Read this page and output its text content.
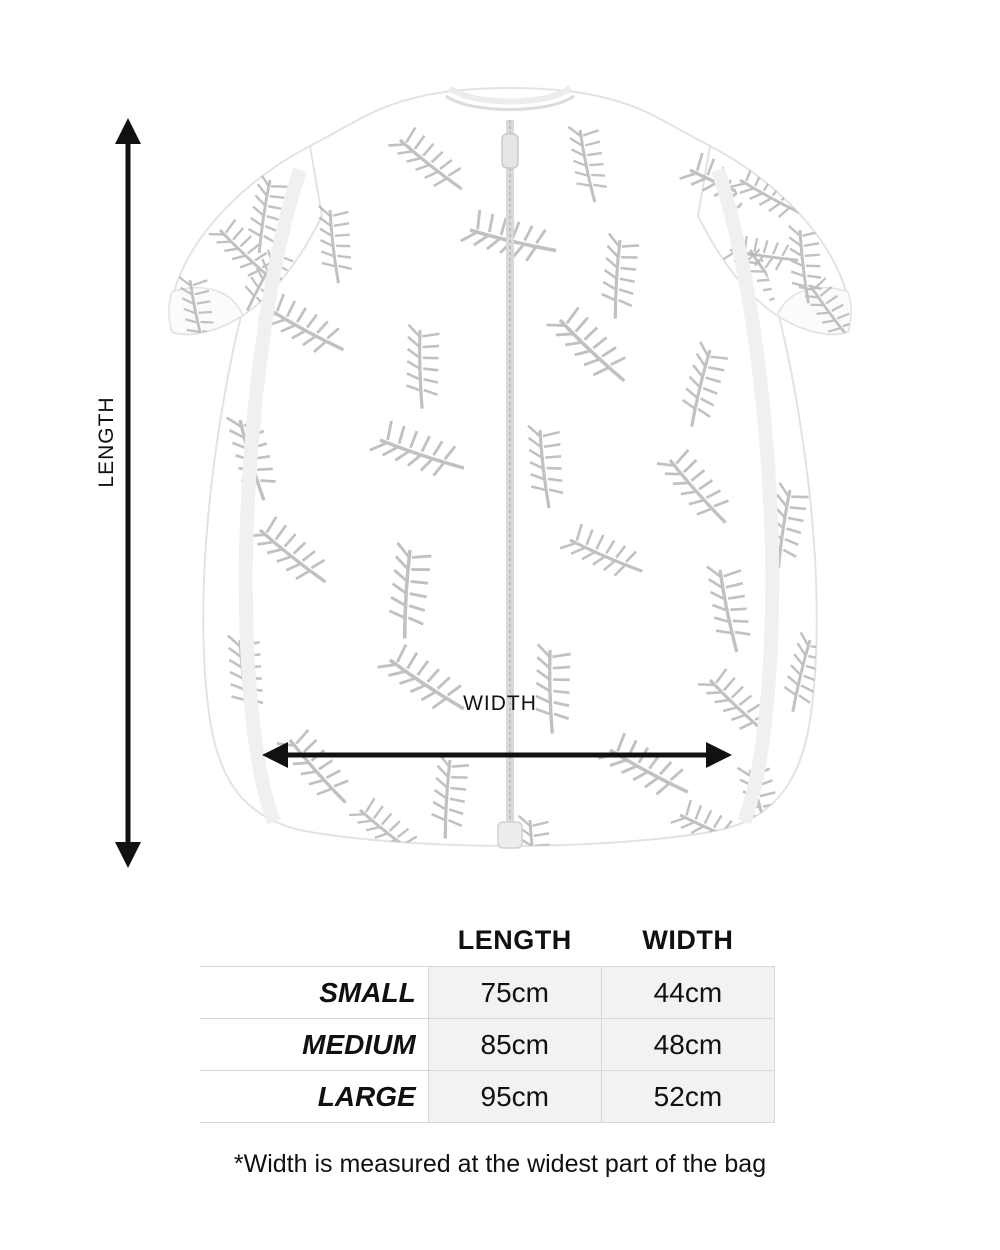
LENGTH
WIDTH
	LENGTH	WIDTH
SMALL	75cm	44cm
MEDIUM	85cm	48cm
LARGE	95cm	52cm
*Width is measured at the widest part of the bag
